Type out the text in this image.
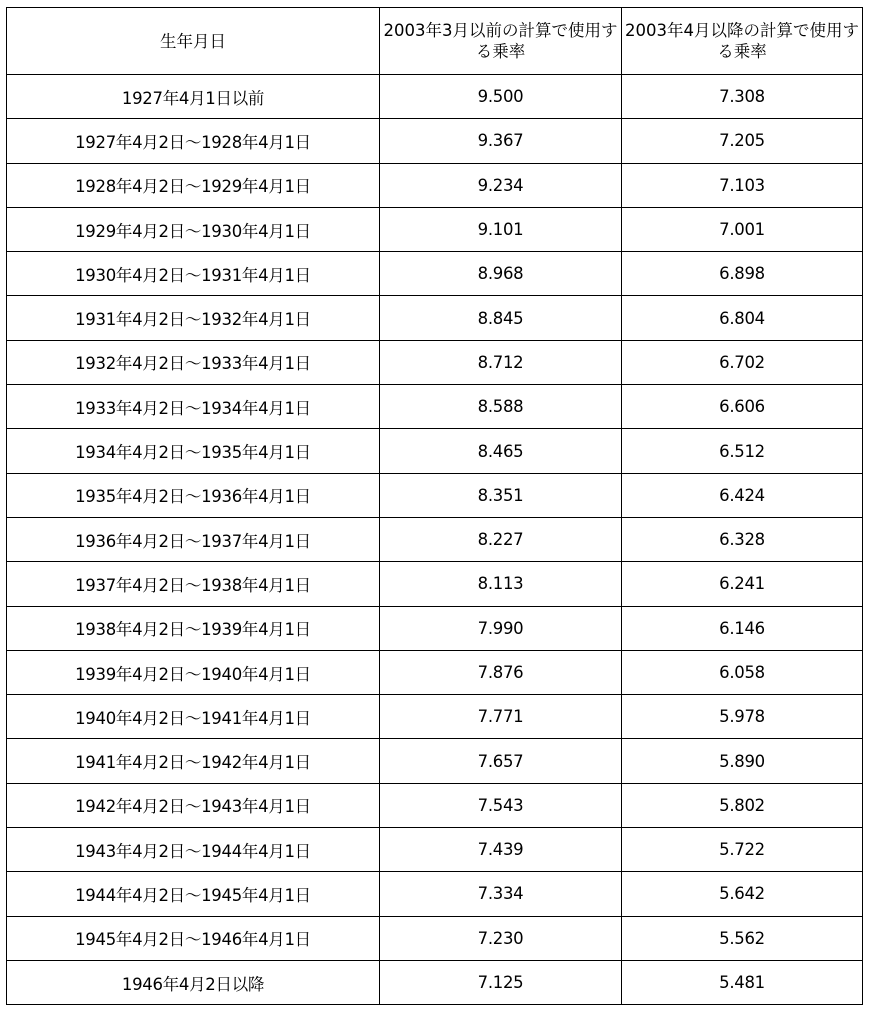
生年月日	2003年3月以前の計算で使用する乗率	2003年4月以降の計算で使用する乗率
1927年4月1日以前	9.500	7.308
1927年4月2日〜1928年4月1日	9.367	7.205
1928年4月2日〜1929年4月1日	9.234	7.103
1929年4月2日〜1930年4月1日	9.101	7.001
1930年4月2日〜1931年4月1日	8.968	6.898
1931年4月2日〜1932年4月1日	8.845	6.804
1932年4月2日〜1933年4月1日	8.712	6.702
1933年4月2日〜1934年4月1日	8.588	6.606
1934年4月2日〜1935年4月1日	8.465	6.512
1935年4月2日〜1936年4月1日	8.351	6.424
1936年4月2日〜1937年4月1日	8.227	6.328
1937年4月2日〜1938年4月1日	8.113	6.241
1938年4月2日〜1939年4月1日	7.990	6.146
1939年4月2日〜1940年4月1日	7.876	6.058
1940年4月2日〜1941年4月1日	7.771	5.978
1941年4月2日〜1942年4月1日	7.657	5.890
1942年4月2日〜1943年4月1日	7.543	5.802
1943年4月2日〜1944年4月1日	7.439	5.722
1944年4月2日〜1945年4月1日	7.334	5.642
1945年4月2日〜1946年4月1日	7.230	5.562
1946年4月2日以降	7.125	5.481
